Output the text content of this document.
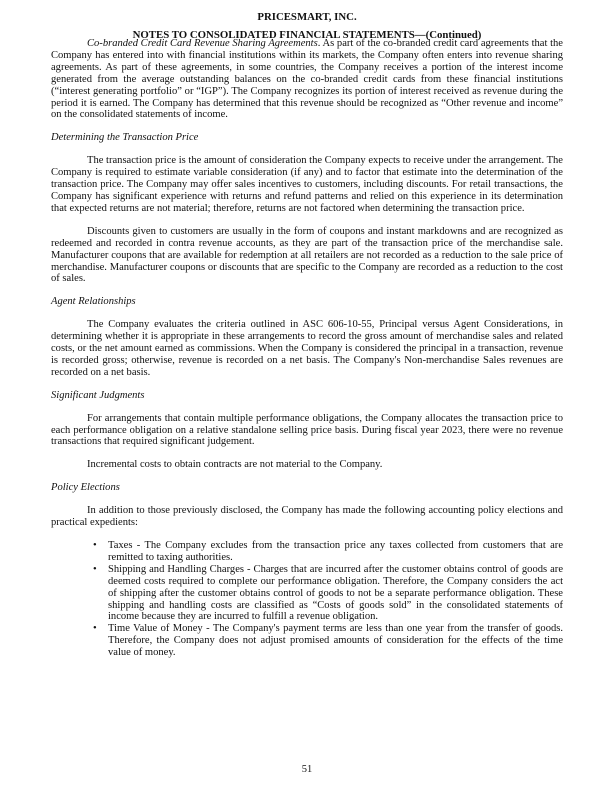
PRICESMART, INC.
NOTES TO CONSOLIDATED FINANCIAL STATEMENTS—(Continued)

Co-branded Credit Card Revenue Sharing Agreements. As part of the co-branded credit card agreements that the Company has entered into with financial institutions within its markets, the Company often enters into revenue sharing agreements. As part of these agreements, in some countries, the Company receives a portion of the interest income generated from the average outstanding balances on the co-branded credit cards from these financial institutions (“interest generating portfolio” or “IGP”). The Company recognizes its portion of interest received as revenue during the period it is earned. The Company has determined that this revenue should be recognized as “Other revenue and income” on the consolidated statements of income.

Determining the Transaction Price

The transaction price is the amount of consideration the Company expects to receive under the arrangement. The Company is required to estimate variable consideration (if any) and to factor that estimate into the determination of the transaction price. The Company may offer sales incentives to customers, including discounts. For retail transactions, the Company has significant experience with returns and refund patterns and relied on this experience in its determination that expected returns are not material; therefore, returns are not factored when determining the transaction price.

Discounts given to customers are usually in the form of coupons and instant markdowns and are recognized as redeemed and recorded in contra revenue accounts, as they are part of the transaction price of the merchandise sale. Manufacturer coupons that are available for redemption at all retailers are not recorded as a reduction to the sale price of merchandise. Manufacturer coupons or discounts that are specific to the Company are recorded as a reduction to the cost of sales.

Agent Relationships

The Company evaluates the criteria outlined in ASC 606-10-55, Principal versus Agent Considerations, in determining whether it is appropriate in these arrangements to record the gross amount of merchandise sales and related costs, or the net amount earned as commissions. When the Company is considered the principal in a transaction, revenue is recorded gross; otherwise, revenue is recorded on a net basis. The Company's Non-merchandise Sales revenues are recorded on a net basis.

Significant Judgments

For arrangements that contain multiple performance obligations, the Company allocates the transaction price to each performance obligation on a relative standalone selling price basis. During fiscal year 2023, there were no revenue transactions that required significant judgement.

Incremental costs to obtain contracts are not material to the Company.

Policy Elections

In addition to those previously disclosed, the Company has made the following accounting policy elections and practical expedients:

• Taxes - The Company excludes from the transaction price any taxes collected from customers that are remitted to taxing authorities.
• Shipping and Handling Charges - Charges that are incurred after the customer obtains control of goods are deemed costs required to complete our performance obligation. Therefore, the Company considers the act of shipping after the customer obtains control of goods to not be a separate performance obligation. These shipping and handling costs are classified as “Costs of goods sold” in the consolidated statements of income because they are incurred to fulfill a revenue obligation.
• Time Value of Money - The Company's payment terms are less than one year from the transfer of goods. Therefore, the Company does not adjust promised amounts of consideration for the effects of the time value of money.
51
